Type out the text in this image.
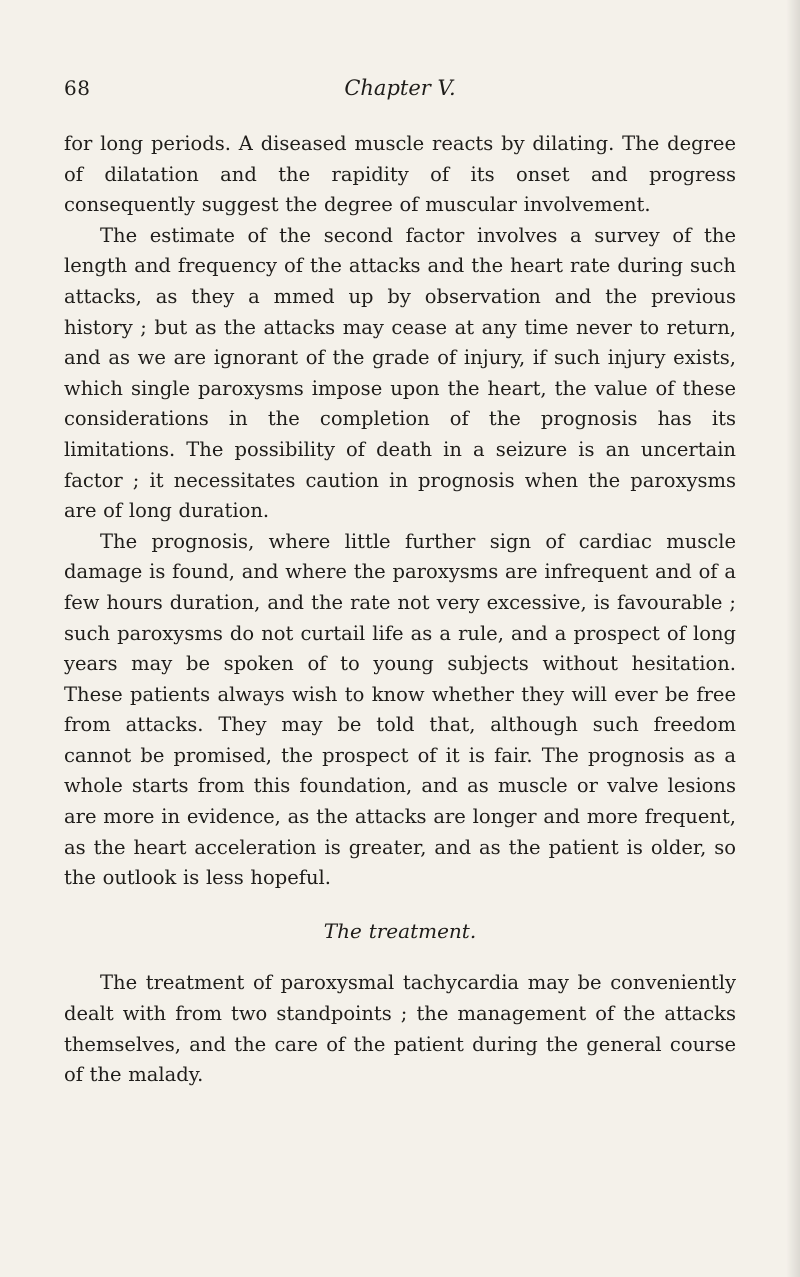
68	Chapter V.

for long periods. A diseased muscle reacts by dilating. The degree of dilatation and the rapidity of its onset and progress consequently suggest the degree of muscular involvement.

The estimate of the second factor involves a survey of the length and frequency of the attacks and the heart rate during such attacks, as they a mmed up by observation and the previous history ; but as the attacks may cease at any time never to return, and as we are ignorant of the grade of injury, if such injury exists, which single paroxysms impose upon the heart, the value of these considerations in the completion of the prognosis has its limitations. The possibility of death in a seizure is an uncertain factor ; it necessitates caution in prognosis when the paroxysms are of long duration.

The prognosis, where little further sign of cardiac muscle damage is found, and where the paroxysms are infrequent and of a few hours duration, and the rate not very excessive, is favourable ; such paroxysms do not curtail life as a rule, and a prospect of long years may be spoken of to young subjects without hesitation. These patients always wish to know whether they will ever be free from attacks. They may be told that, although such freedom cannot be promised, the prospect of it is fair. The prognosis as a whole starts from this foundation, and as muscle or valve lesions are more in evidence, as the attacks are longer and more frequent, as the heart acceleration is greater, and as the patient is older, so the outlook is less hopeful.

The treatment.

The treatment of paroxysmal tachycardia may be conveniently dealt with from two standpoints ; the management of the attacks themselves, and the care of the patient during the general course of the malady.
